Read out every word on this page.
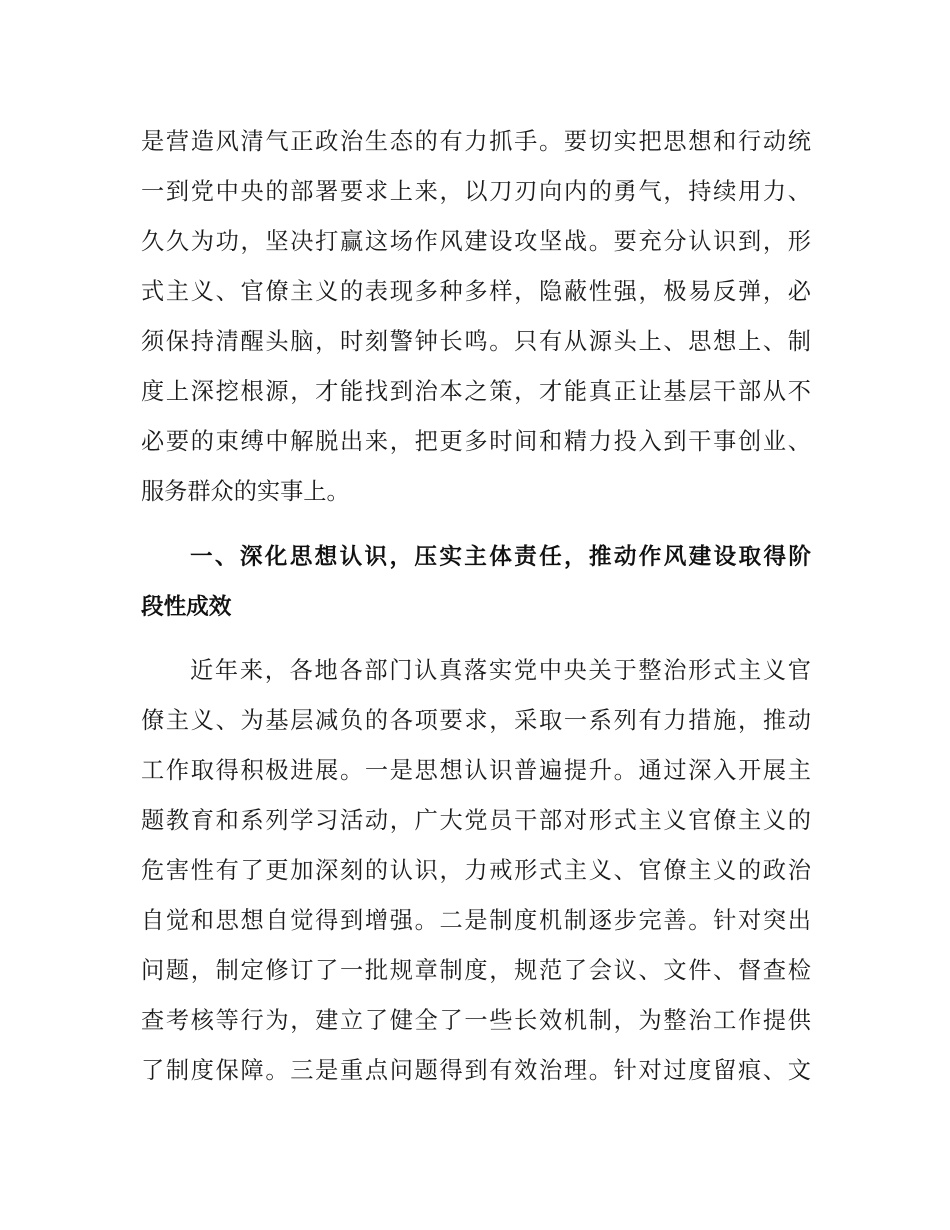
是营造风清气正政治生态的有力抓手。要切实把思想和行动统
一到党中央的部署要求上来，以刀刃向内的勇气，持续用力、
久久为功，坚决打赢这场作风建设攻坚战。要充分认识到，形
式主义、官僚主义的表现多种多样，隐蔽性强，极易反弹，必
须保持清醒头脑，时刻警钟长鸣。只有从源头上、思想上、制
度上深挖根源，才能找到治本之策，才能真正让基层干部从不
必要的束缚中解脱出来，把更多时间和精力投入到干事创业、
服务群众的实事上。
一、深化思想认识，压实主体责任，推动作风建设取得阶
段性成效
近年来，各地各部门认真落实党中央关于整治形式主义官
僚主义、为基层减负的各项要求，采取一系列有力措施，推动
工作取得积极进展。一是思想认识普遍提升。通过深入开展主
题教育和系列学习活动，广大党员干部对形式主义官僚主义的
危害性有了更加深刻的认识，力戒形式主义、官僚主义的政治
自觉和思想自觉得到增强。二是制度机制逐步完善。针对突出
问题，制定修订了一批规章制度，规范了会议、文件、督查检
查考核等行为，建立了健全了一些长效机制，为整治工作提供
了制度保障。三是重点问题得到有效治理。针对过度留痕、文
